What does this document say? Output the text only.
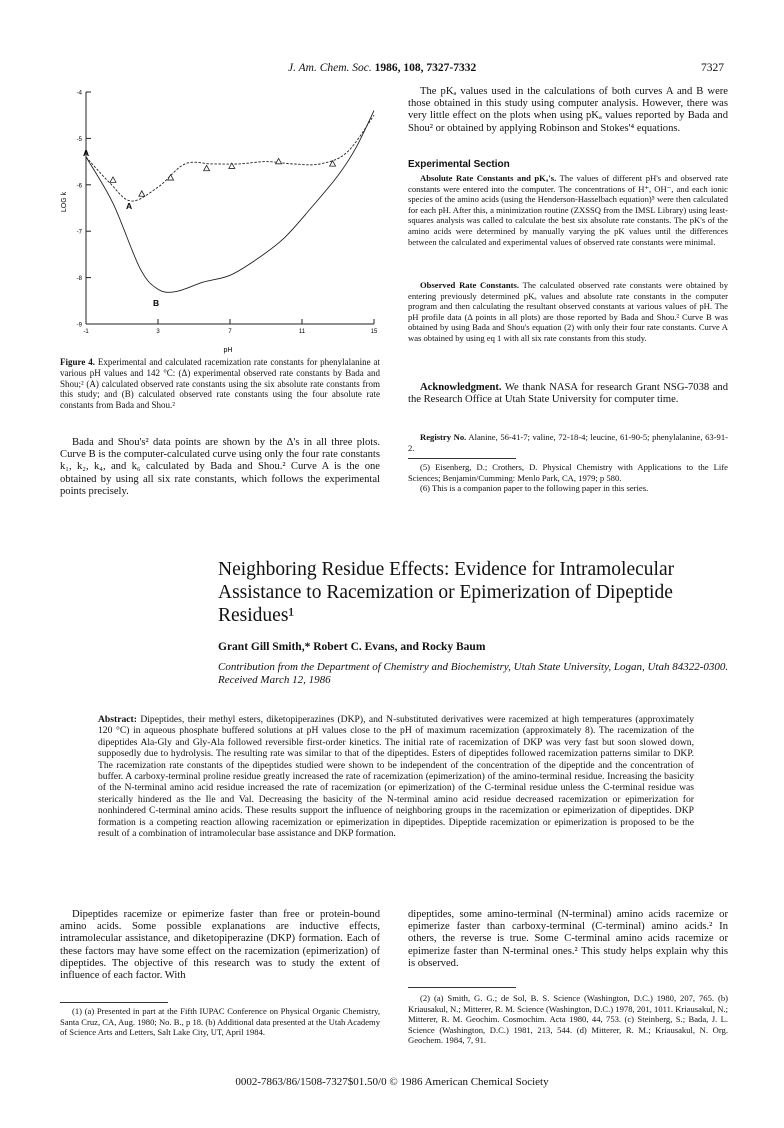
J. Am. Chem. Soc. 1986, 108, 7327-7332	7327
-4
-5
-6
-7
-8
-9
-1	3	7	11	15
LOG k
pH
A
A
B
Figure 4. Experimental and calculated racemization rate constants for phenylalanine at various pH values and 142 °C: (Δ) experimental observed rate constants by Bada and Shou;² (A) calculated observed rate constants using the six absolute rate constants from this study; and (B) calculated observed rate constants using the four absolute rate constants from Bada and Shou.²

Bada and Shou's² data points are shown by the Δ's in all three plots. Curve B is the computer-calculated curve using only the four rate constants k₁, k₂, k₄, and k₆ calculated by Bada and Shou.² Curve A is the one obtained by using all six rate constants, which follows the experimental points precisely.

The pKₐ values used in the calculations of both curves A and B were those obtained in this study using computer analysis. However, there was very little effect on the plots when using pKₐ values reported by Bada and Shou² or obtained by applying Robinson and Stokes'⁴ equations.

Experimental Section

Absolute Rate Constants and pKₐ's. The values of different pH's and observed rate constants were entered into the computer. The concentrations of H⁺, OH⁻, and each ionic species of the amino acids (using the Henderson-Hasselbach equation)⁵ were then calculated for each pH. After this, a minimization routine (ZXSSQ from the IMSL Library) using least-squares analysis was called to calculate the best six absolute rate constants. The pK's of the amino acids were determined by manually varying the pK values until the differences between the calculated and experimental values of observed rate constants were minimal.

Observed Rate Constants. The calculated observed rate constants were obtained by entering previously determined pKₐ values and absolute rate constants in the computer program and then calculating the resultant observed constants at various values of pH. The pH profile data (Δ points in all plots) are those reported by Bada and Shou.² Curve B was obtained by using Bada and Shou's equation (2) with only their four rate constants. Curve A was obtained by using eq 1 with all six rate constants from this study.

Acknowledgment. We thank NASA for research Grant NSG-7038 and the Research Office at Utah State University for computer time.

Registry No. Alanine, 56-41-7; valine, 72-18-4; leucine, 61-90-5; phenylalanine, 63-91-2.

(5) Eisenberg, D.; Crothers, D. Physical Chemistry with Applications to the Life Sciences; Benjamin/Cumming: Menlo Park, CA, 1979; p 580.

(6) This is a companion paper to the following paper in this series.

Neighboring Residue Effects: Evidence for Intramolecular Assistance to Racemization or Epimerization of Dipeptide Residues¹
Grant Gill Smith,* Robert C. Evans, and Rocky Baum
Contribution from the Department of Chemistry and Biochemistry, Utah State University, Logan, Utah 84322-0300. Received March 12, 1986

Abstract: Dipeptides, their methyl esters, diketopiperazines (DKP), and N-substituted derivatives were racemized at high temperatures (approximately 120 °C) in aqueous phosphate buffered solutions at pH values close to the pH of maximum racemization (approximately 8). The racemization of the dipeptides Ala-Gly and Gly-Ala followed reversible first-order kinetics. The initial rate of racemization of DKP was very fast but soon slowed down, supposedly due to hydrolysis. The resulting rate was similar to that of the dipeptides. Esters of dipeptides followed racemization patterns similar to DKP. The racemization rate constants of the dipeptides studied were shown to be independent of the concentration of the dipeptide and the concentration of buffer. A carboxy-terminal proline residue greatly increased the rate of racemization (epimerization) of the amino-terminal residue. Increasing the basicity of the N-terminal amino acid residue increased the rate of racemization (or epimerization) of the C-terminal residue unless the C-terminal residue was sterically hindered as the Ile and Val. Decreasing the basicity of the N-terminal amino acid residue decreased racemization or epimerization for nonhindered C-terminal amino acids. These results support the influence of neighboring groups in the racemization or epimerization of dipeptides. DKP formation is a competing reaction allowing racemization or epimerization in dipeptides. Dipeptide racemization or epimerization is proposed to be the result of a combination of intramolecular base assistance and DKP formation.

Dipeptides racemize or epimerize faster than free or protein-bound amino acids. Some possible explanations are inductive effects, intramolecular assistance, and diketopiperazine (DKP) formation. Each of these factors may have some effect on the racemization (epimerization) of dipeptides. The objective of this research was to study the extent of influence of each factor. With

dipeptides, some amino-terminal (N-terminal) amino acids racemize or epimerize faster than carboxy-terminal (C-terminal) amino acids.² In others, the reverse is true. Some C-terminal amino acids racemize or epimerize faster than N-terminal ones.² This study helps explain why this is observed.

(1) (a) Presented in part at the Fifth IUPAC Conference on Physical Organic Chemistry, Santa Cruz, CA, Aug. 1980; No. B., p 18. (b) Additional data presented at the Utah Academy of Science Arts and Letters, Salt Lake City, UT, April 1984.

(2) (a) Smith, G. G.; de Sol, B. S. Science (Washington, D.C.) 1980, 207, 765. (b) Kriausakul, N.; Mitterer, R. M. Science (Washington, D.C.) 1978, 201, 1011. Kriausakul, N.; Mitterer, R. M. Geochim. Cosmochim. Acta 1980, 44, 753. (c) Steinberg, S.; Bada, J. L. Science (Washington, D.C.) 1981, 213, 544. (d) Mitterer, R. M.; Kriausakul, N. Org. Geochem. 1984, 7, 91.

0002-7863/86/1508-7327$01.50/0 © 1986 American Chemical Society
